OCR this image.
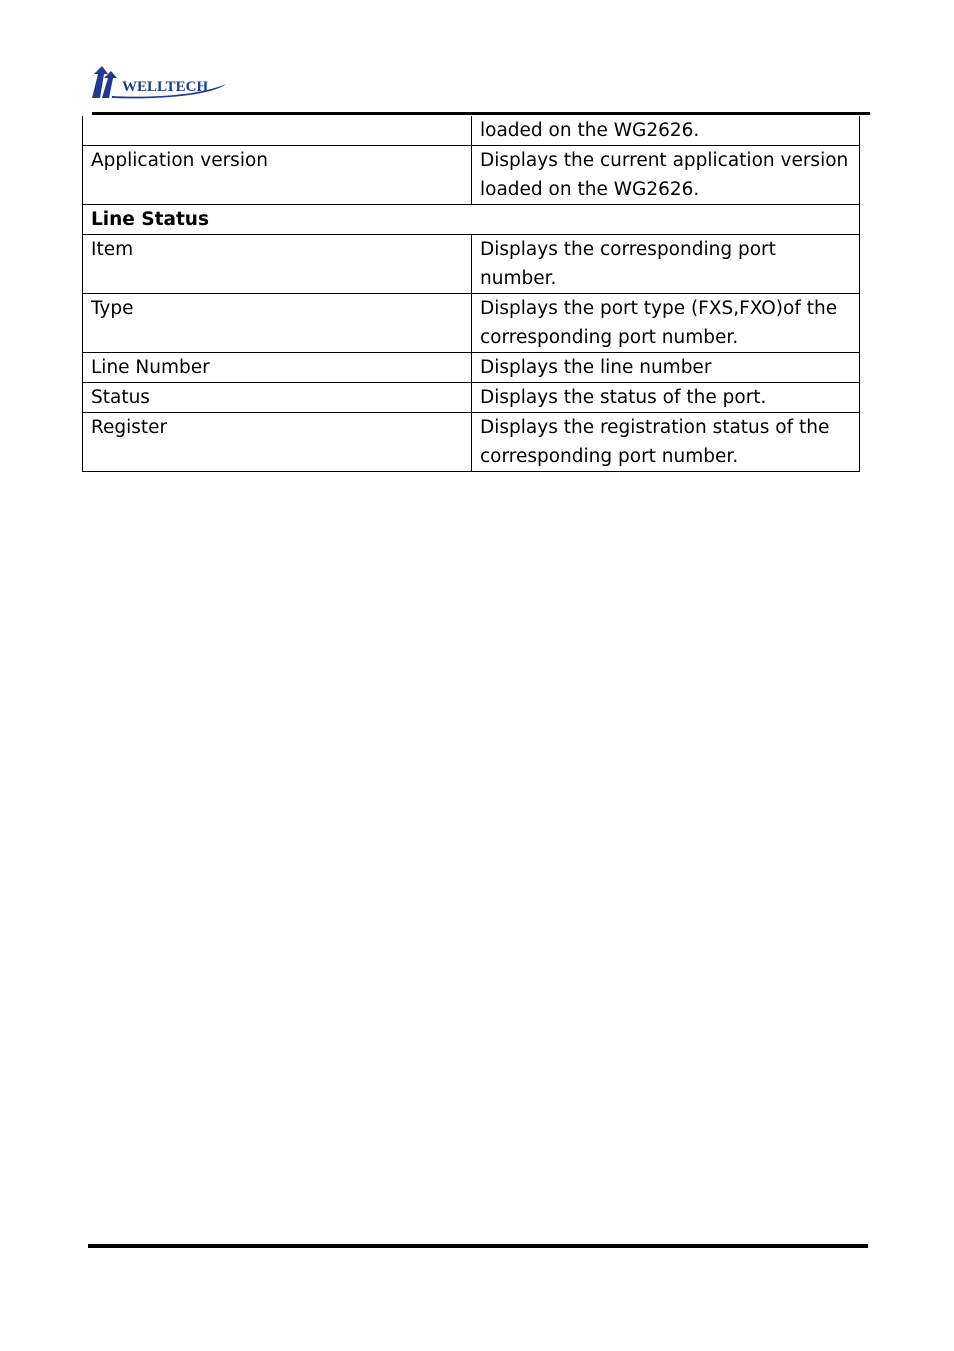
WELLTECH
	loaded on the WG2626.
Application version	Displays the current application version loaded on the WG2626.
Line Status	
Item	Displays the corresponding port number.
Type	Displays the port type (FXS,FXO)of the corresponding port number.
Line Number	Displays the line number
Status	Displays the status of the port.
Register	Displays the registration status of the corresponding port number.
